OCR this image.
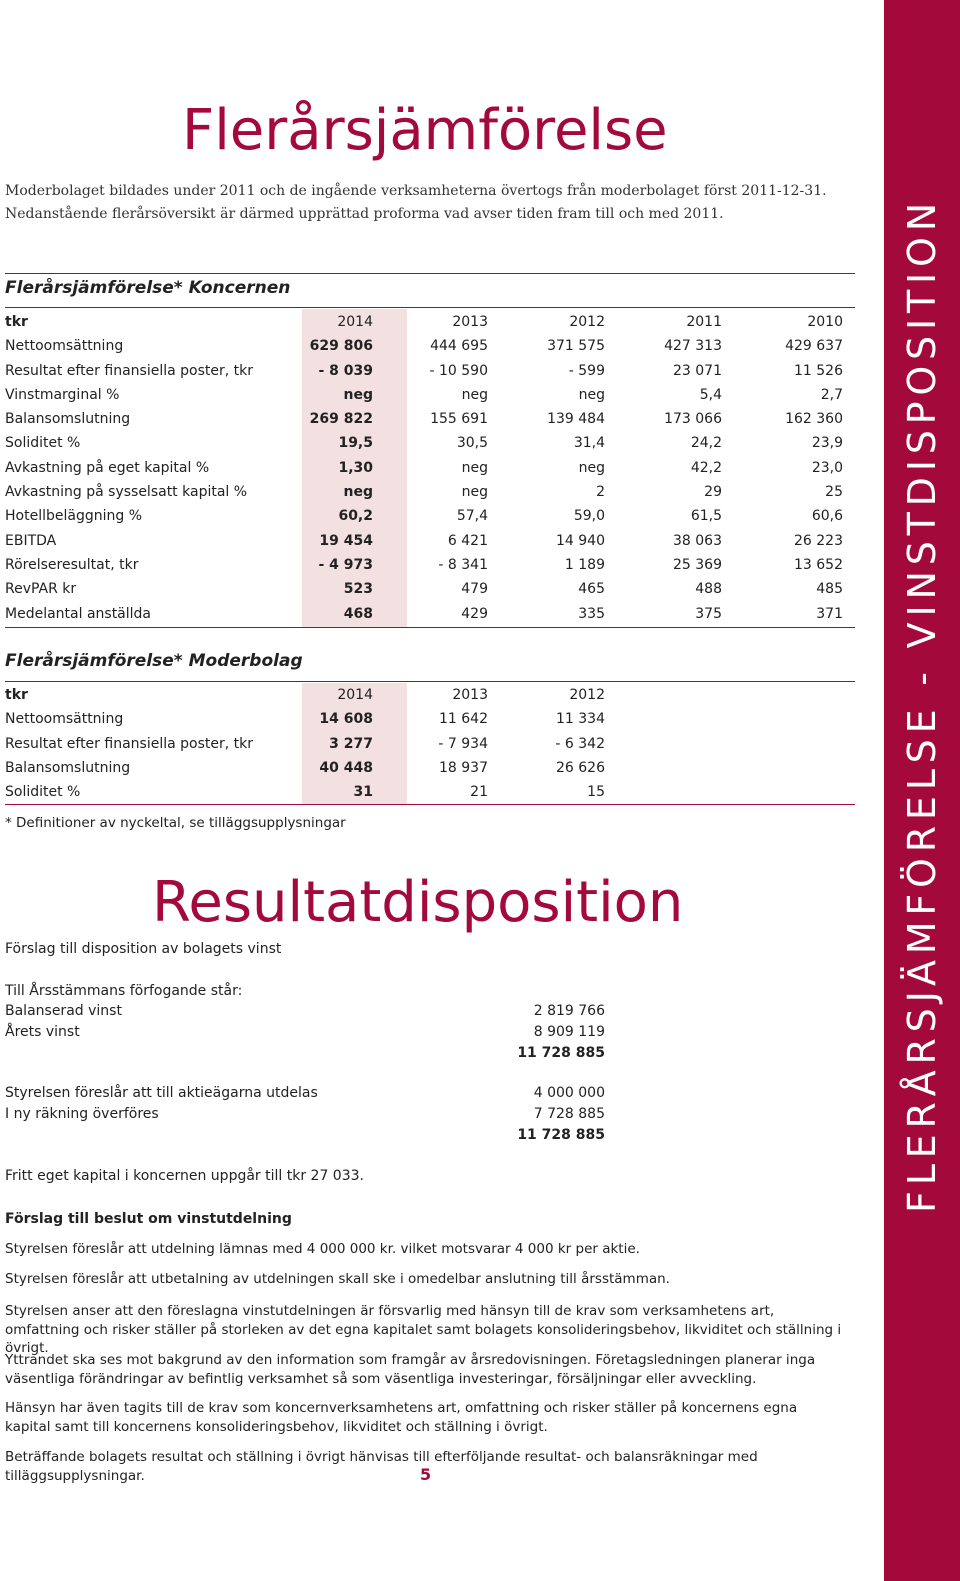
FLERÅRSJÄMFÖRELSE - VINSTDISPOSITION
Flerårsjämförelse
Moderbolaget bildades under 2011 och de ingående verksamheterna övertogs från moderbolaget först 2011-12-31.
Nedanstående flerårsöversikt är därmed upprättad proforma vad avser tiden fram till och med 2011.
Flerårsjämförelse* Koncernen
tkr	2014	2013	2012	2011	2010
Nettoomsättning	629 806	444 695	371 575	427 313	429 637
Resultat efter finansiella poster, tkr	- 8 039	- 10 590	- 599	23 071	11 526
Vinstmarginal %	neg	neg	neg	5,4	2,7
Balansomslutning	269 822	155 691	139 484	173 066	162 360
Soliditet %	19,5	30,5	31,4	24,2	23,9
Avkastning på eget kapital %	1,30	neg	neg	42,2	23,0
Avkastning på sysselsatt kapital %	neg	neg	2	29	25
Hotellbeläggning %	60,2	57,4	59,0	61,5	60,6
EBITDA	19 454	6 421	14 940	38 063	26 223
Rörelseresultat, tkr	- 4 973	- 8 341	1 189	25 369	13 652
RevPAR kr	523	479	465	488	485
Medelantal anställda	468	429	335	375	371
Flerårsjämförelse* Moderbolag
tkr	2014	2013	2012
Nettoomsättning	14 608	11 642	11 334
Resultat efter finansiella poster, tkr	3 277	- 7 934	- 6 342
Balansomslutning	40 448	18 937	26 626
Soliditet %	31	21	15
* Definitioner av nyckeltal, se tilläggsupplysningar
Resultatdisposition
Förslag till disposition av bolagets vinst
Till Årsstämmans förfogande står:
Balanserad vinst	2 819 766
Årets vinst	8 909 119
11 728 885
Styrelsen föreslår att till aktieägarna utdelas	4 000 000
I ny räkning överföres	7 728 885
11 728 885
Fritt eget kapital i koncernen uppgår till tkr 27 033.
Förslag till beslut om vinstutdelning
Styrelsen föreslår att utdelning lämnas med 4 000 000 kr. vilket motsvarar 4 000 kr per aktie.
Styrelsen föreslår att utbetalning av utdelningen skall ske i omedelbar anslutning till årsstämman.
Styrelsen anser att den föreslagna vinstutdelningen är försvarlig med hänsyn till de krav som verksamhetens art, omfattning och risker ställer på storleken av det egna kapitalet samt bolagets konsolideringsbehov, likviditet och ställning i övrigt.
Yttrandet ska ses mot bakgrund av den information som framgår av årsredovisningen. Företagsledningen planerar inga väsentliga förändringar av befintlig verksamhet så som väsentliga investeringar, försäljningar eller avveckling.
Hänsyn har även tagits till de krav som koncernverksamhetens art, omfattning och risker ställer på koncernens egna kapital samt till koncernens konsolideringsbehov, likviditet och ställning i övrigt.
Beträffande bolagets resultat och ställning i övrigt hänvisas till efterföljande resultat- och balansräkningar med tilläggsupplysningar.	5
